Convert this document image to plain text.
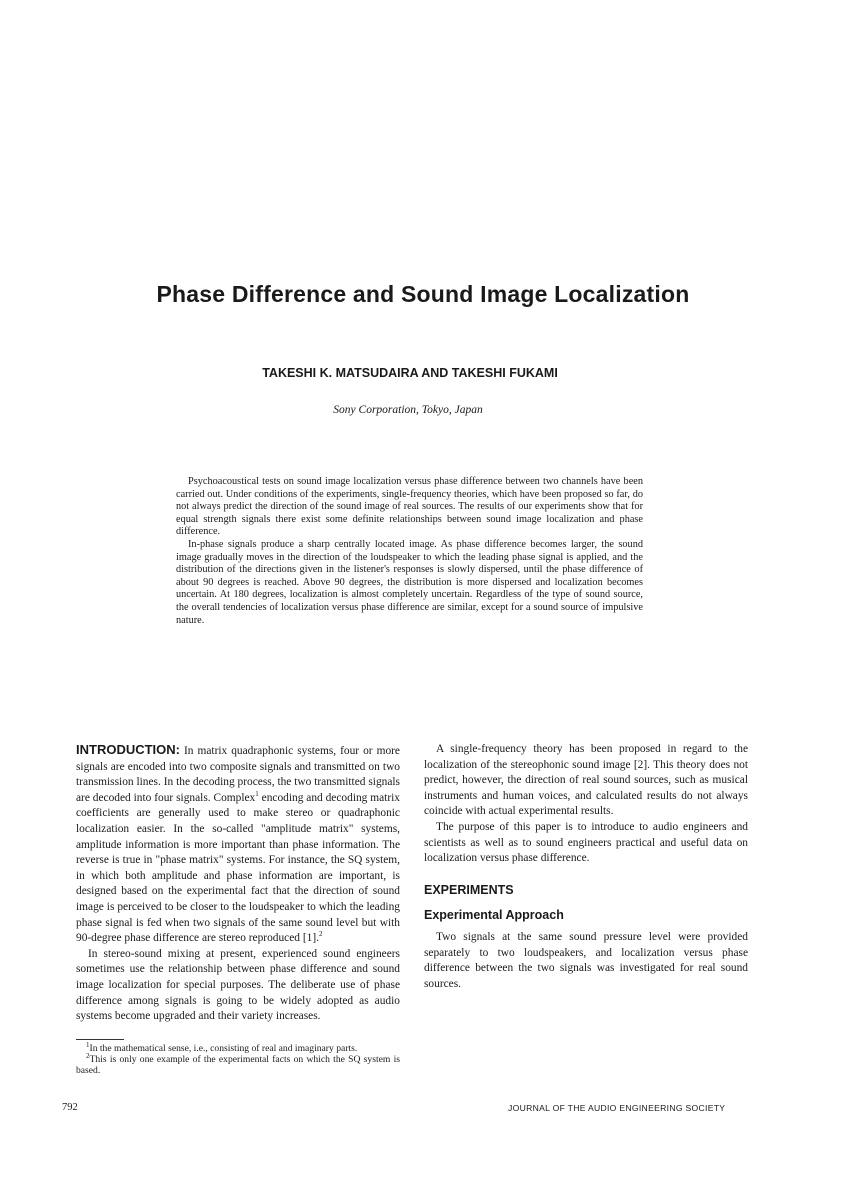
Phase Difference and Sound Image Localization
TAKESHI K. MATSUDAIRA AND TAKESHI FUKAMI
Sony Corporation, Tokyo, Japan

Psychoacoustical tests on sound image localization versus phase difference between two channels have been carried out. Under conditions of the experiments, single-frequency theories, which have been proposed so far, do not always predict the direction of the sound image of real sources. The results of our experiments show that for equal strength signals there exist some definite relationships between sound image localization and phase difference.

In-phase signals produce a sharp centrally located image. As phase difference becomes larger, the sound image gradually moves in the direction of the loudspeaker to which the leading phase signal is applied, and the distribution of the directions given in the listener's responses is slowly dispersed, until the phase difference of about 90 degrees is reached. Above 90 degrees, the distribution is more dispersed and localization becomes uncertain. At 180 degrees, localization is almost completely uncertain. Regardless of the type of sound source, the overall tendencies of localization versus phase difference are similar, except for a sound source of impulsive nature.

INTRODUCTION: In matrix quadraphonic systems, four or more signals are encoded into two composite signals and transmitted on two transmission lines. In the decoding process, the two transmitted signals are decoded into four signals. Complex$^1$ encoding and decoding matrix coefficients are generally used to make stereo or quadraphonic localization easier. In the so-called "amplitude matrix" systems, amplitude information is more important than phase information. The reverse is true in "phase matrix" systems. For instance, the SQ system, in which both amplitude and phase information are important, is designed based on the experimental fact that the direction of sound image is perceived to be closer to the loudspeaker to which the leading phase signal is fed when two signals of the same sound level but with 90-degree phase difference are stereo reproduced [1].$^2$

In stereo-sound mixing at present, experienced sound engineers sometimes use the relationship between phase difference and sound image localization for special purposes. The deliberate use of phase difference among signals is going to be widely adopted as audio systems become upgraded and their variety increases.

A single-frequency theory has been proposed in regard to the localization of the stereophonic sound image [2]. This theory does not predict, however, the direction of real sound sources, such as musical instruments and human voices, and calculated results do not always coincide with actual experimental results.

The purpose of this paper is to introduce to audio engineers and scientists as well as to sound engineers practical and useful data on localization versus phase difference.

EXPERIMENTS
Experimental Approach

Two signals at the same sound pressure level were provided separately to two loudspeakers, and localization versus phase difference between the two signals was investigated for real sound sources.

$^1$In the mathematical sense, i.e., consisting of real and imaginary parts.

$^2$This is only one example of the experimental facts on which the SQ system is based.

792	JOURNAL OF THE AUDIO ENGINEERING SOCIETY
